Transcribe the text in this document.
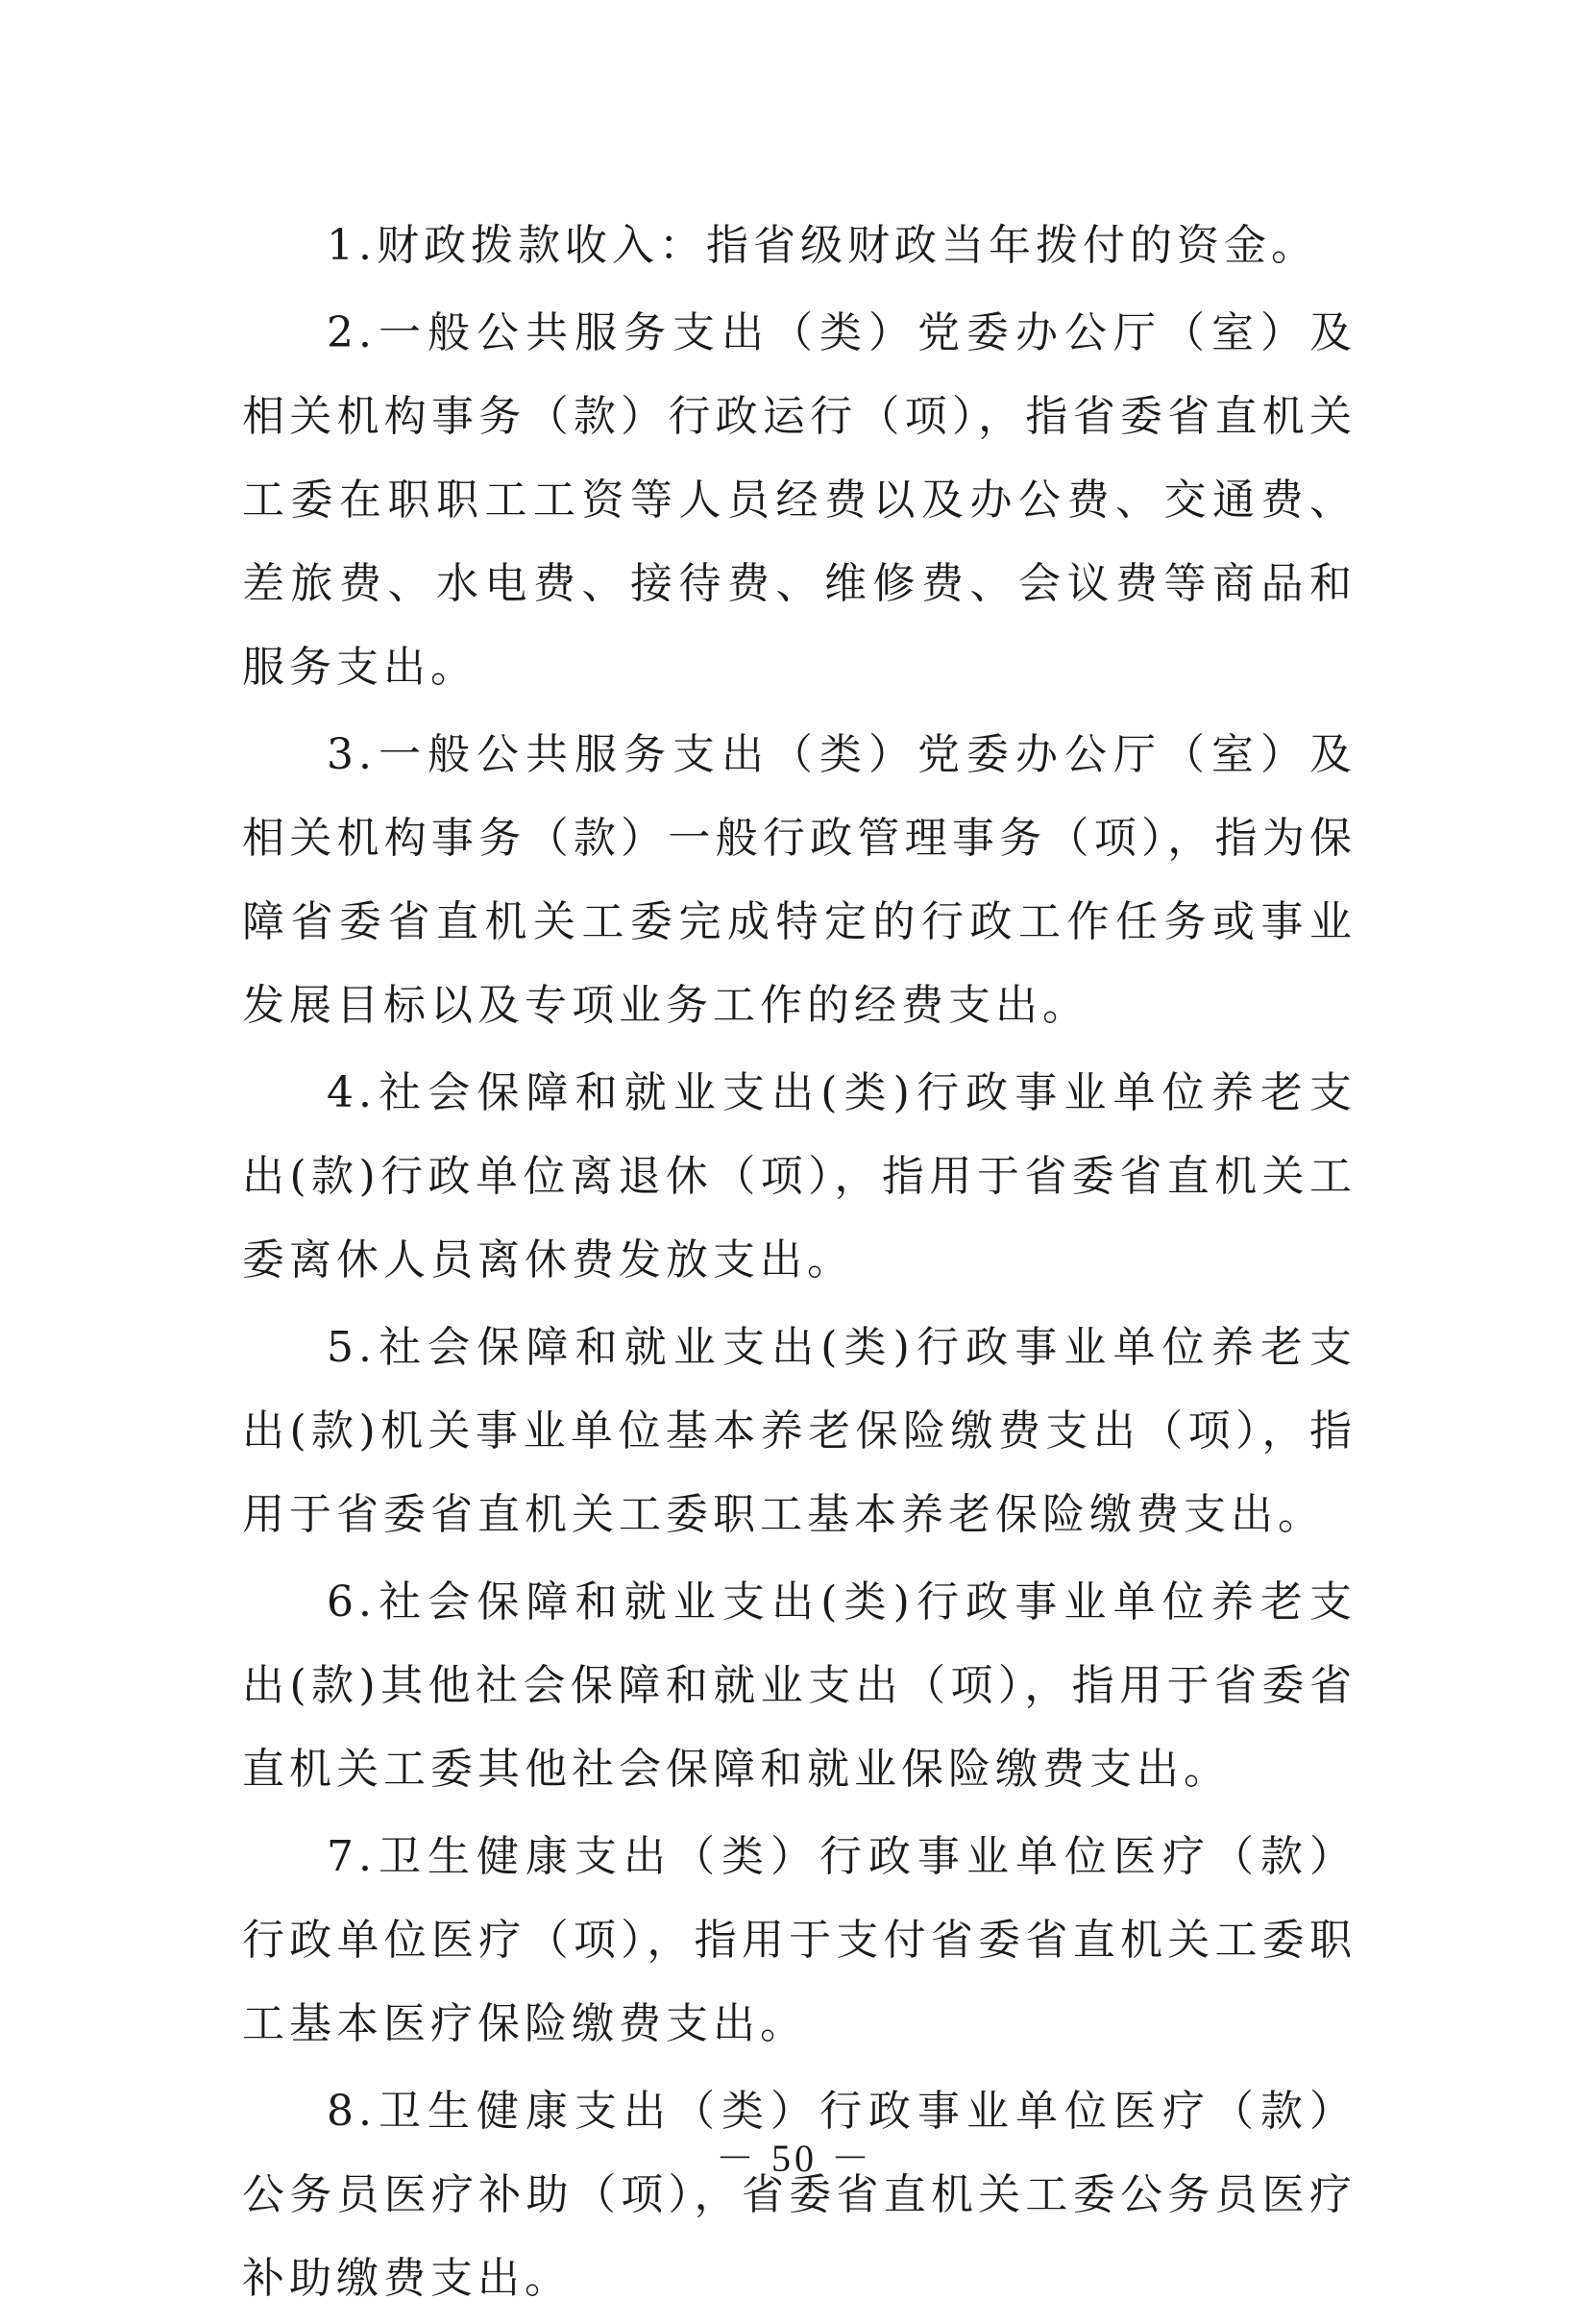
1.财政拨款收入：指省级财政当年拨付的资金。

2.一般公共服务支出（类）党委办公厅（室）及相关机构事务（款）行政运行（项），指省委省直机关工委在职职工工资等人员经费以及办公费、交通费、差旅费、水电费、接待费、维修费、会议费等商品和服务支出。

3.一般公共服务支出（类）党委办公厅（室）及相关机构事务（款）一般行政管理事务（项），指为保障省委省直机关工委完成特定的行政工作任务或事业发展目标以及专项业务工作的经费支出。

4.社会保障和就业支出(类)行政事业单位养老支出(款)行政单位离退休（项），指用于省委省直机关工委离休人员离休费发放支出。

5.社会保障和就业支出(类)行政事业单位养老支出(款)机关事业单位基本养老保险缴费支出（项），指用于省委省直机关工委职工基本养老保险缴费支出。

6.社会保障和就业支出(类)行政事业单位养老支出(款)其他社会保障和就业支出（项），指用于省委省直机关工委其他社会保障和就业保险缴费支出。

7.卫生健康支出（类）行政事业单位医疗（款）行政单位医疗（项），指用于支付省委省直机关工委职工基本医疗保险缴费支出。

8.卫生健康支出（类）行政事业单位医疗（款）公务员医疗补助（项），省委省直机关工委公务员医疗补助缴费支出。

－ 50 －
